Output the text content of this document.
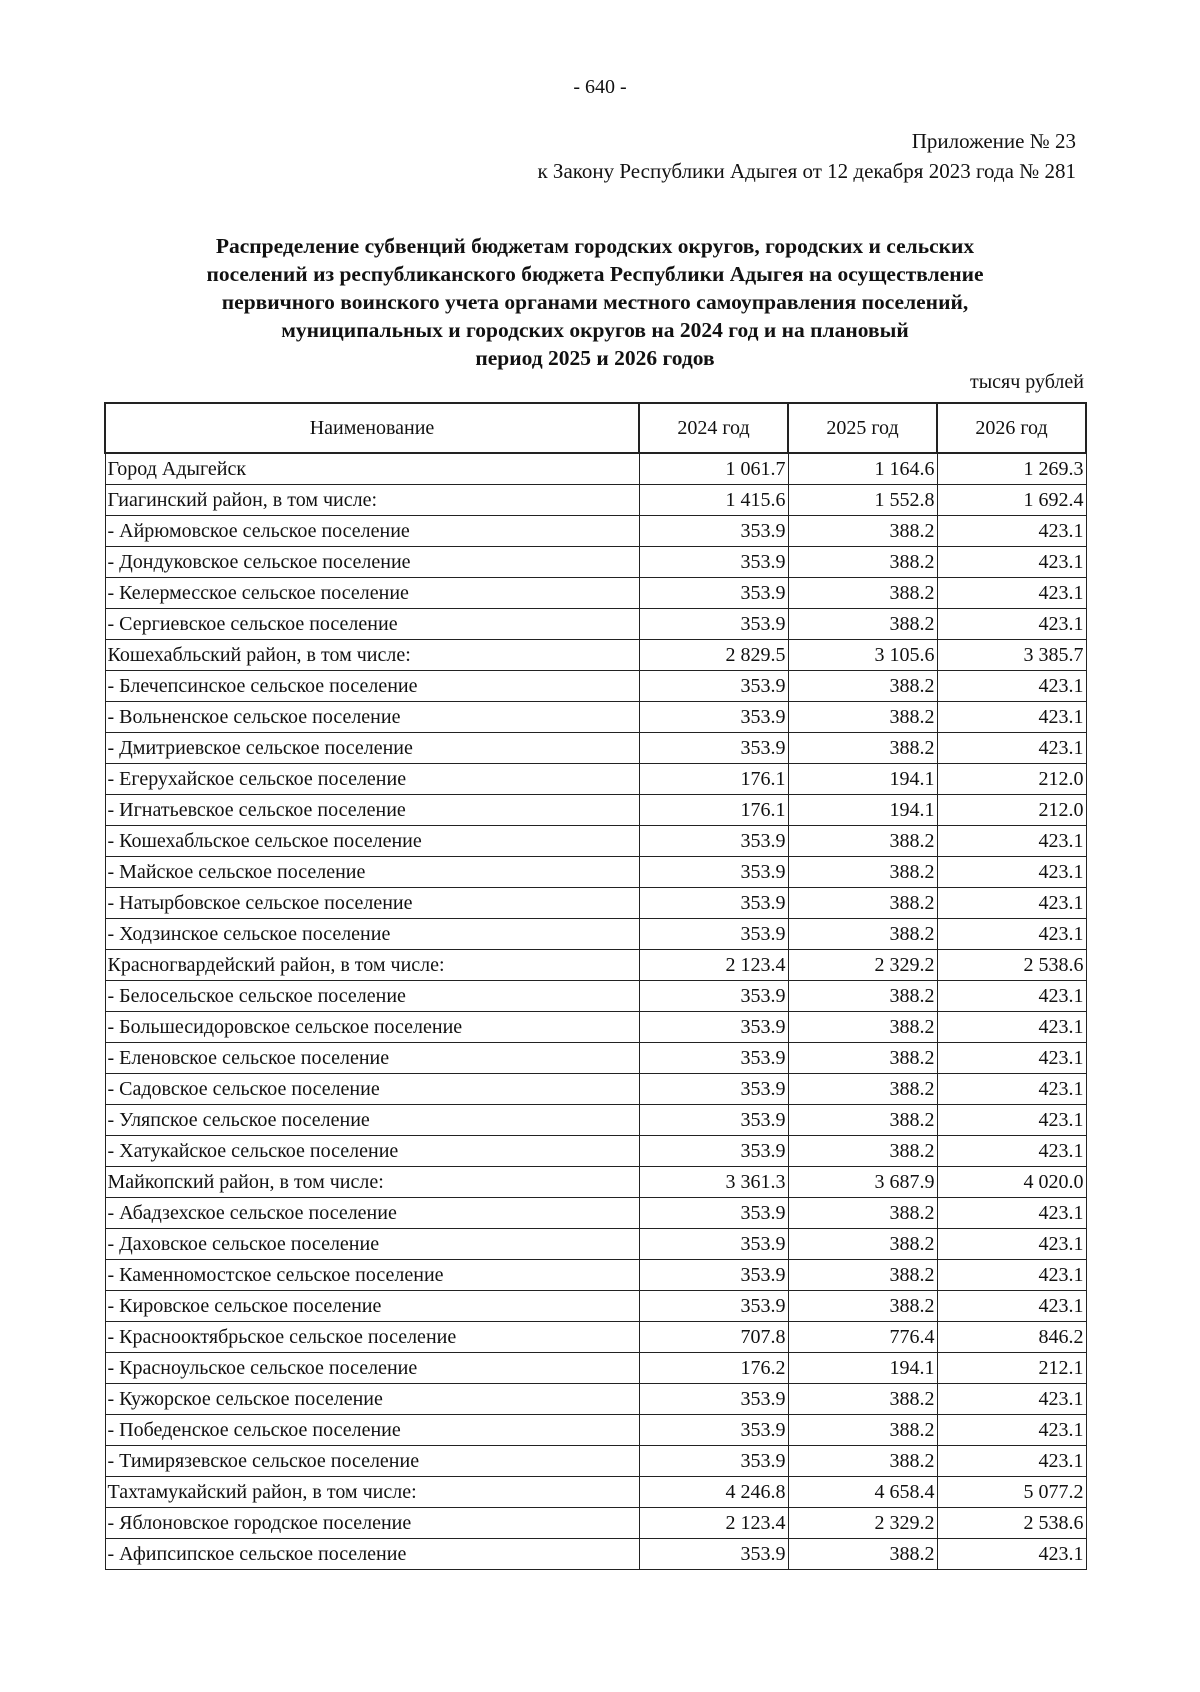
- 640 -
Приложение № 23
к Закону Республики Адыгея от 12 декабря 2023 года № 281
Распределение субвенций бюджетам городских округов, городских и сельских
поселений из республиканского бюджета Республики Адыгея на осуществление
первичного воинского учета органами местного самоуправления поселений,
муниципальных и городских округов на 2024 год и на плановый
период 2025 и 2026 годов
тысяч рублей
Наименование	2024 год	2025 год	2026 год
Город Адыгейск	1 061.7	1 164.6	1 269.3
Гиагинский район, в том числе:	1 415.6	1 552.8	1 692.4
- Айрюмовское сельское поселение	353.9	388.2	423.1
- Дондуковское сельское поселение	353.9	388.2	423.1
- Келермесское сельское поселение	353.9	388.2	423.1
- Сергиевское сельское поселение	353.9	388.2	423.1
Кошехабльский район, в том числе:	2 829.5	3 105.6	3 385.7
- Блечепсинское сельское поселение	353.9	388.2	423.1
- Вольненское сельское поселение	353.9	388.2	423.1
- Дмитриевское сельское поселение	353.9	388.2	423.1
- Егерухайское сельское поселение	176.1	194.1	212.0
- Игнатьевское сельское поселение	176.1	194.1	212.0
- Кошехабльское сельское поселение	353.9	388.2	423.1
- Майское сельское поселение	353.9	388.2	423.1
- Натырбовское сельское поселение	353.9	388.2	423.1
- Ходзинское сельское поселение	353.9	388.2	423.1
Красногвардейский район, в том числе:	2 123.4	2 329.2	2 538.6
- Белосельское сельское поселение	353.9	388.2	423.1
- Большесидоровское сельское поселение	353.9	388.2	423.1
- Еленовское сельское поселение	353.9	388.2	423.1
- Садовское сельское поселение	353.9	388.2	423.1
- Уляпское сельское поселение	353.9	388.2	423.1
- Хатукайское сельское поселение	353.9	388.2	423.1
Майкопский район, в том числе:	3 361.3	3 687.9	4 020.0
- Абадзехское сельское поселение	353.9	388.2	423.1
- Даховское сельское поселение	353.9	388.2	423.1
- Каменномостское сельское поселение	353.9	388.2	423.1
- Кировское сельское поселение	353.9	388.2	423.1
- Краснооктябрьское сельское поселение	707.8	776.4	846.2
- Красноульское сельское поселение	176.2	194.1	212.1
- Кужорское сельское поселение	353.9	388.2	423.1
- Победенское сельское поселение	353.9	388.2	423.1
- Тимирязевское сельское поселение	353.9	388.2	423.1
Тахтамукайский район, в том числе:	4 246.8	4 658.4	5 077.2
- Яблоновское городское поселение	2 123.4	2 329.2	2 538.6
- Афипсипское сельское поселение	353.9	388.2	423.1
